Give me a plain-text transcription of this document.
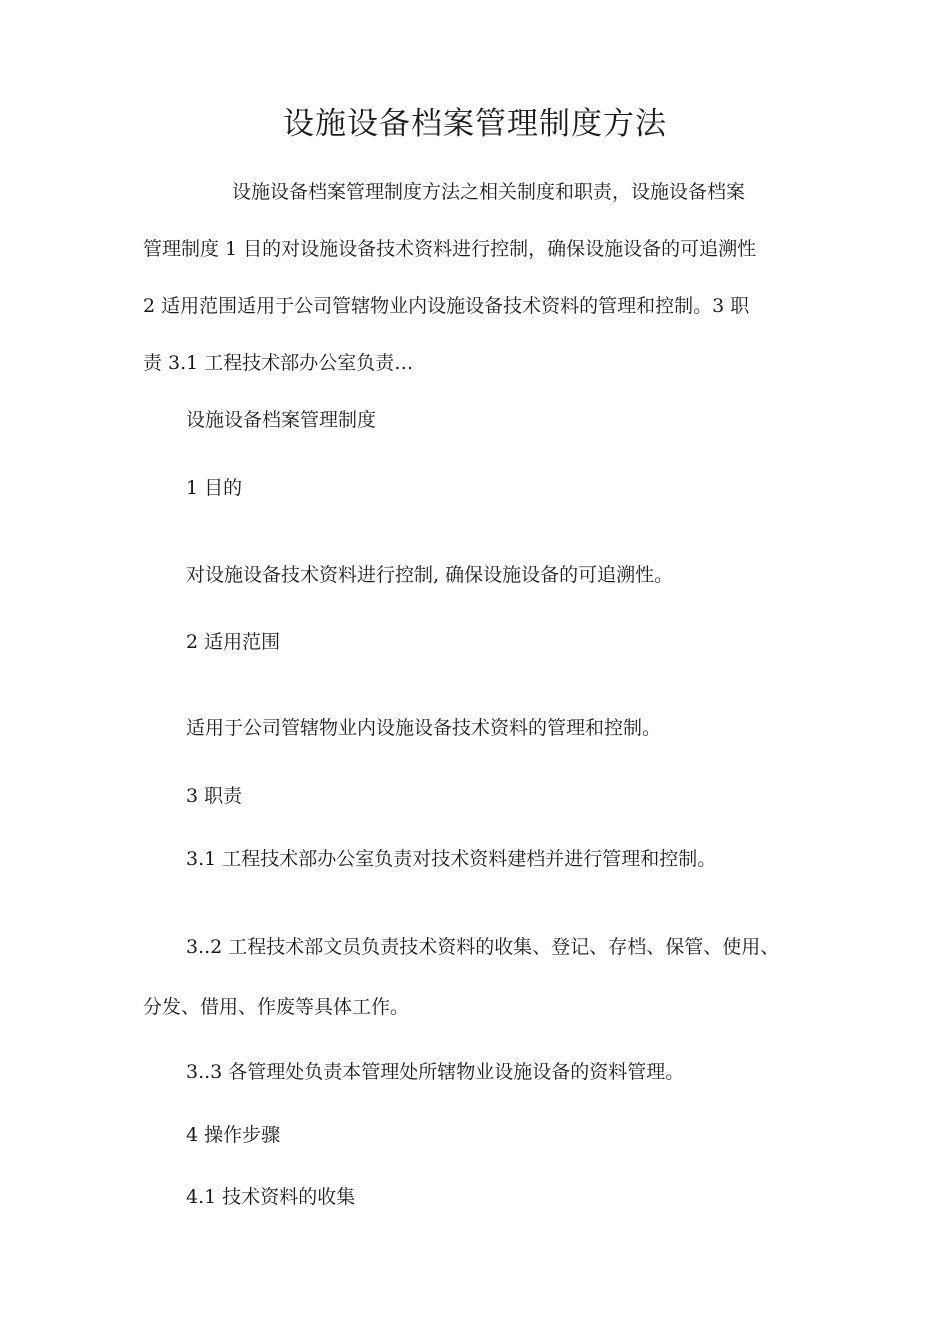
设施设备档案管理制度方法
设施设备档案管理制度方法之相关制度和职责，设施设备档案
管理制度 1 目的对设施设备技术资料进行控制，确保设施设备的可追溯性
2 适用范围适用于公司管辖物业内设施设备技术资料的管理和控制。3 职
责 3.1 工程技术部办公室负责…
设施设备档案管理制度
1 目的
对设施设备技术资料进行控制, 确保设施设备的可追溯性。
2 适用范围
适用于公司管辖物业内设施设备技术资料的管理和控制。
3 职责
3.1 工程技术部办公室负责对技术资料建档并进行管理和控制。
3..2 工程技术部文员负责技术资料的收集、登记、存档、保管、使用、
分发、借用、作废等具体工作。
3..3 各管理处负责本管理处所辖物业设施设备的资料管理。
4 操作步骤
4.1 技术资料的收集
